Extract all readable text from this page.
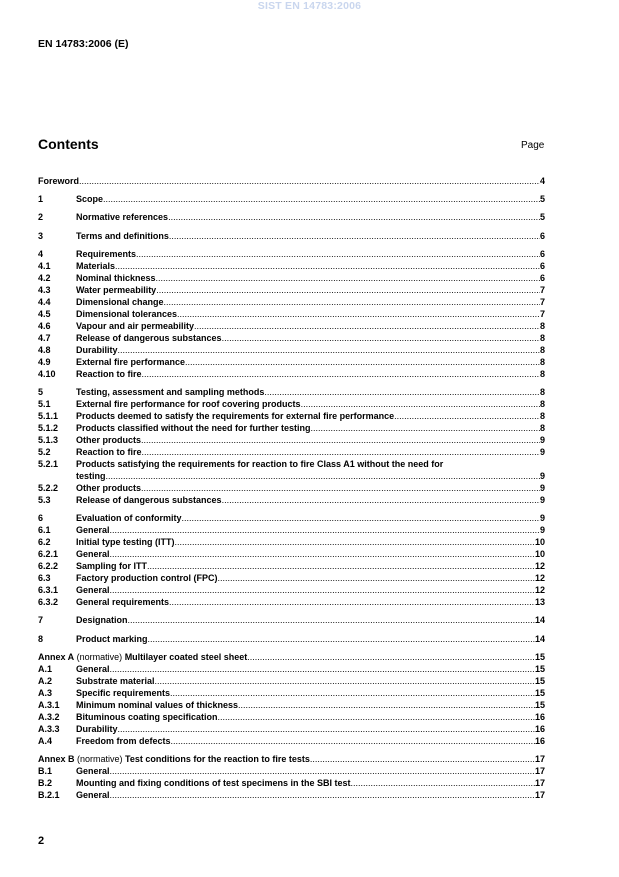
SIST EN 14783:2006
EN 14783:2006 (E)
Contents	Page
Foreword .....	4
1	Scope .....	5
2	Normative references .....	5
3	Terms and definitions .....	6
4	Requirements .....	6
4.1	Materials .....	6
4.2	Nominal thickness .....	6
4.3	Water permeability .....	7
4.4	Dimensional change .....	7
4.5	Dimensional tolerances .....	7
4.6	Vapour and air permeability .....	8
4.7	Release of dangerous substances .....	8
4.8	Durability .....	8
4.9	External fire performance .....	8
4.10 Reaction to fire .....	8
5	Testing, assessment and sampling methods .....	8
5.1	External fire performance for roof covering products .....	8
5.1.1 Products deemed to satisfy the requirements for external fire performance .....	8
5.1.2 Products classified without the need for further testing .....	8
5.1.3 Other products .....	9
5.2	Reaction to fire .....	9
5.2.1 Products satisfying the requirements for reaction to fire Class A1 without the need for
testing .....	9
5.2.2 Other products .....	9
5.3	Release of dangerous substances .....	9
6	Evaluation of conformity .....	9
6.1	General .....	9
6.2	Initial type testing (ITT) .....	10
6.2.1 General .....	10
6.2.2 Sampling for ITT .....	12
6.3	Factory production control (FPC) .....	12
6.3.1 General .....	12
6.3.2 General requirements .....	13
7	Designation .....	14
8	Product marking .....	14
Annex A (normative) Multilayer coated steel sheet .....	15
A.1	General .....	15
A.2	Substrate material .....	15
A.3	Specific requirements .....	15
A.3.1 Minimum nominal values of thickness .....	15
A.3.2 Bituminous coating specification .....	16
A.3.3 Durability .....	16
A.4	Freedom from defects .....	16
Annex B (normative) Test conditions for the reaction to fire tests .....	17
B.1	General .....	17
B.2	Mounting and fixing conditions of test specimens in the SBI test .....	17
B.2.1 General .....	17
2
